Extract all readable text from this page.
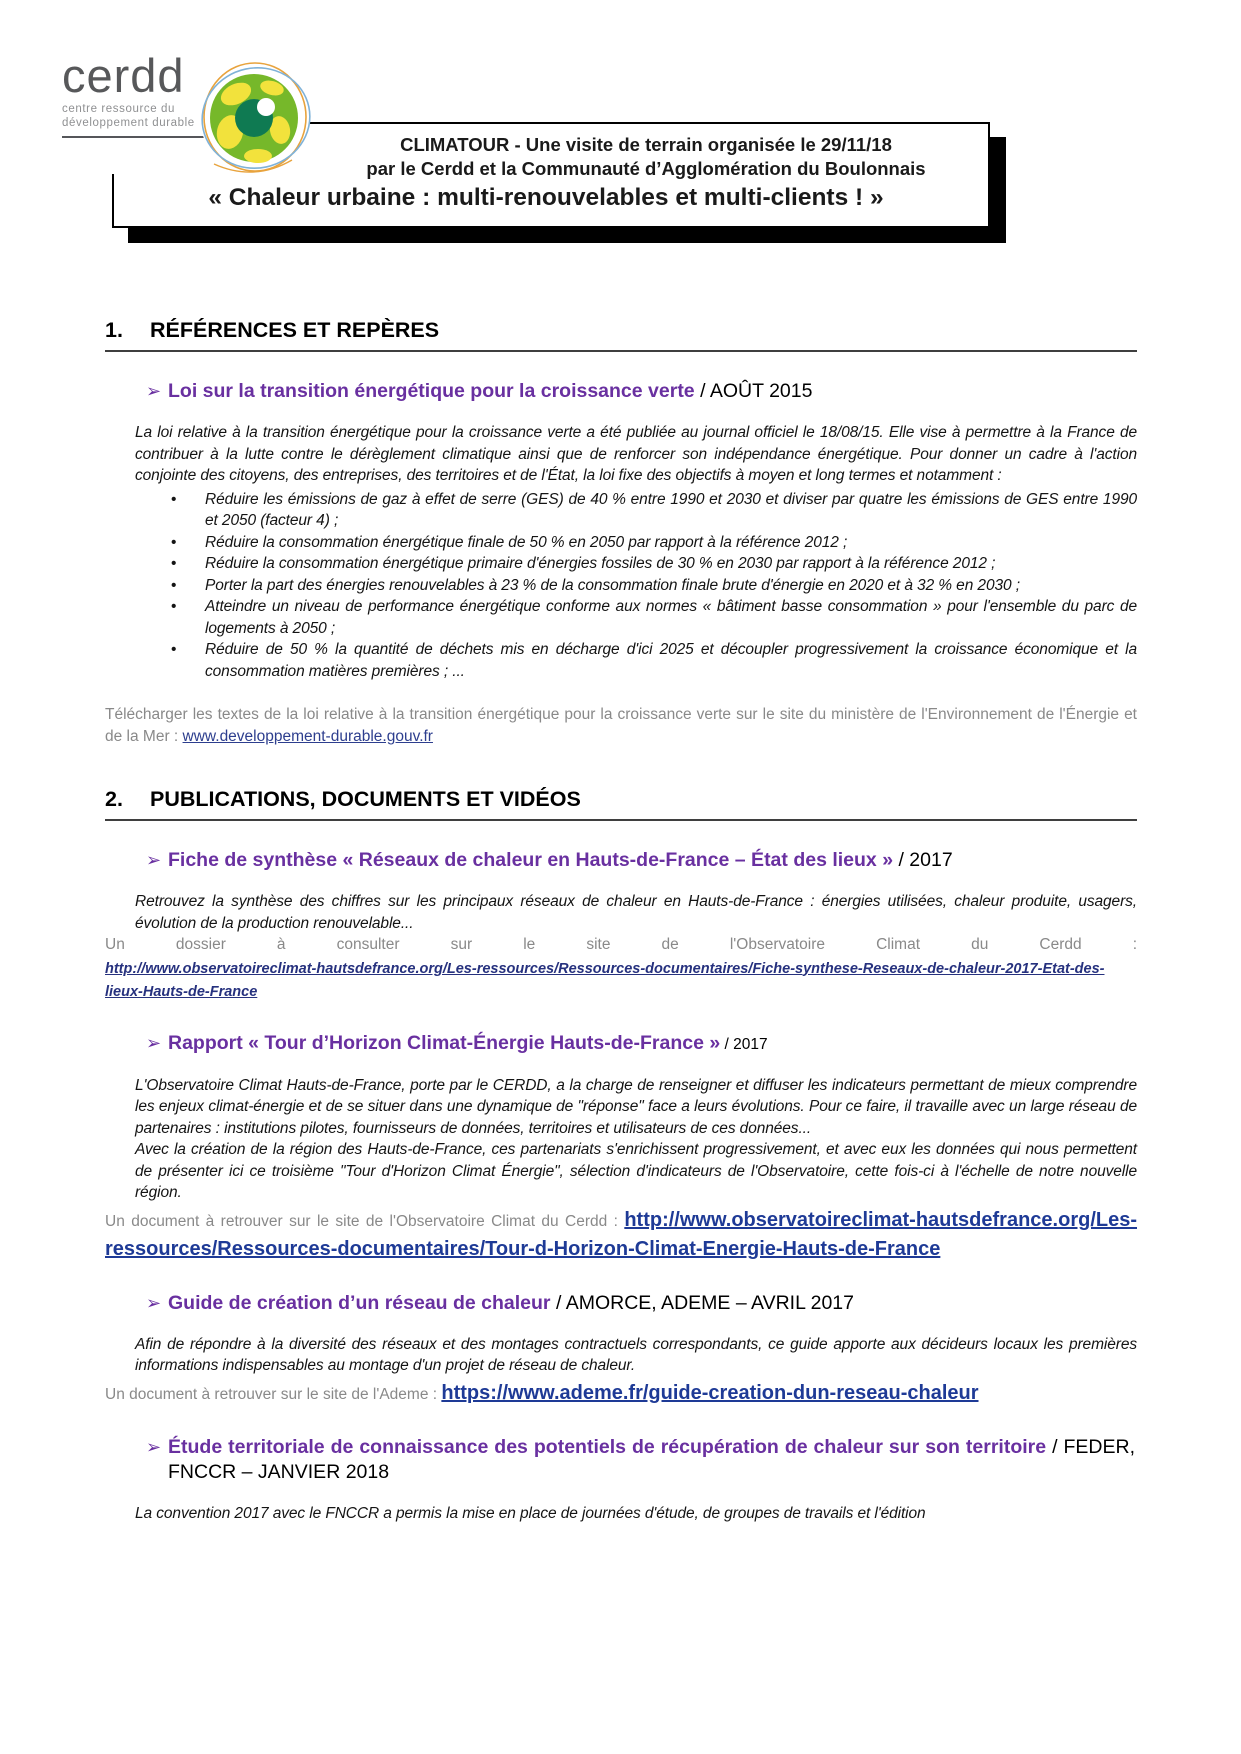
cerdd
centre ressource du
développement durable
CLIMATOUR - Une visite de terrain organisée le 29/11/18
par le Cerdd et la Communauté d’Agglomération du Boulonnais
« Chaleur urbaine : multi-renouvelables et multi-clients ! »
1. RÉFÉRENCES ET REPÈRES
➢ Loi sur la transition énergétique pour la croissance verte / AOÛT 2015

La loi relative à la transition énergétique pour la croissance verte a été publiée au journal officiel le 18/08/15. Elle vise à permettre à la France de contribuer à la lutte contre le dérèglement climatique ainsi que de renforcer son indépendance énergétique. Pour donner un cadre à l'action conjointe des citoyens, des entreprises, des territoires et de l'État, la loi fixe des objectifs à moyen et long termes et notamment :

• Réduire les émissions de gaz à effet de serre (GES) de 40 % entre 1990 et 2030 et diviser par quatre les émissions de GES entre 1990 et 2050 (facteur 4) ;
• Réduire la consommation énergétique finale de 50 % en 2050 par rapport à la référence 2012 ;
• Réduire la consommation énergétique primaire d'énergies fossiles de 30 % en 2030 par rapport à la référence 2012 ;
• Porter la part des énergies renouvelables à 23 % de la consommation finale brute d'énergie en 2020 et à 32 % en 2030 ;
• Atteindre un niveau de performance énergétique conforme aux normes « bâtiment basse consommation » pour l'ensemble du parc de logements à 2050 ;
• Réduire de 50 % la quantité de déchets mis en décharge d'ici 2025 et découpler progressivement la croissance économique et la consommation matières premières ; ...

Télécharger les textes de la loi relative à la transition énergétique pour la croissance verte sur le site du ministère de l'Environnement de l'Énergie et de la Mer : www.developpement-durable.gouv.fr

2. PUBLICATIONS, DOCUMENTS ET VIDÉOS
➢ Fiche de synthèse « Réseaux de chaleur en Hauts-de-France – État des lieux » / 2017

Retrouvez la synthèse des chiffres sur les principaux réseaux de chaleur en Hauts-de-France : énergies utilisées, chaleur produite, usagers, évolution de la production renouvelable...

Un dossier à consulter sur le site de l'Observatoire Climat du Cerdd :

http://www.observatoireclimat-hautsdefrance.org/Les-ressources/Ressources-documentaires/Fiche-synthese-Reseaux-de-chaleur-2017-Etat-des-lieux-Hauts-de-France
➢ Rapport « Tour d’Horizon Climat-Énergie Hauts-de-France » / 2017

L'Observatoire Climat Hauts-de-France, porte par le CERDD, a la charge de renseigner et diffuser les indicateurs permettant de mieux comprendre les enjeux climat-énergie et de se situer dans une dynamique de "réponse" face a leurs évolutions. Pour ce faire, il travaille avec un large réseau de partenaires : institutions pilotes, fournisseurs de données, territoires et utilisateurs de ces données...

Avec la création de la région des Hauts-de-France, ces partenariats s'enrichissent progressivement, et avec eux les données qui nous permettent de présenter ici ce troisième "Tour d'Horizon Climat Énergie", sélection d'indicateurs de l'Observatoire, cette fois-ci à l'échelle de notre nouvelle région.

Un document à retrouver sur le site de l'Observatoire Climat du Cerdd : http://www.observatoireclimat-hautsdefrance.org/Les-ressources/Ressources-documentaires/Tour-d-Horizon-Climat-Energie-Hauts-de-France

➢ Guide de création d’un réseau de chaleur / AMORCE, ADEME – AVRIL 2017

Afin de répondre à la diversité des réseaux et des montages contractuels correspondants, ce guide apporte aux décideurs locaux les premières informations indispensables au montage d'un projet de réseau de chaleur.

Un document à retrouver sur le site de l'Ademe : https://www.ademe.fr/guide-creation-dun-reseau-chaleur

➢ Étude territoriale de connaissance des potentiels de récupération de chaleur sur son territoire / FEDER, FNCCR – JANVIER 2018

La convention 2017 avec le FNCCR a permis la mise en place de journées d'étude, de groupes de travails et l'édition
